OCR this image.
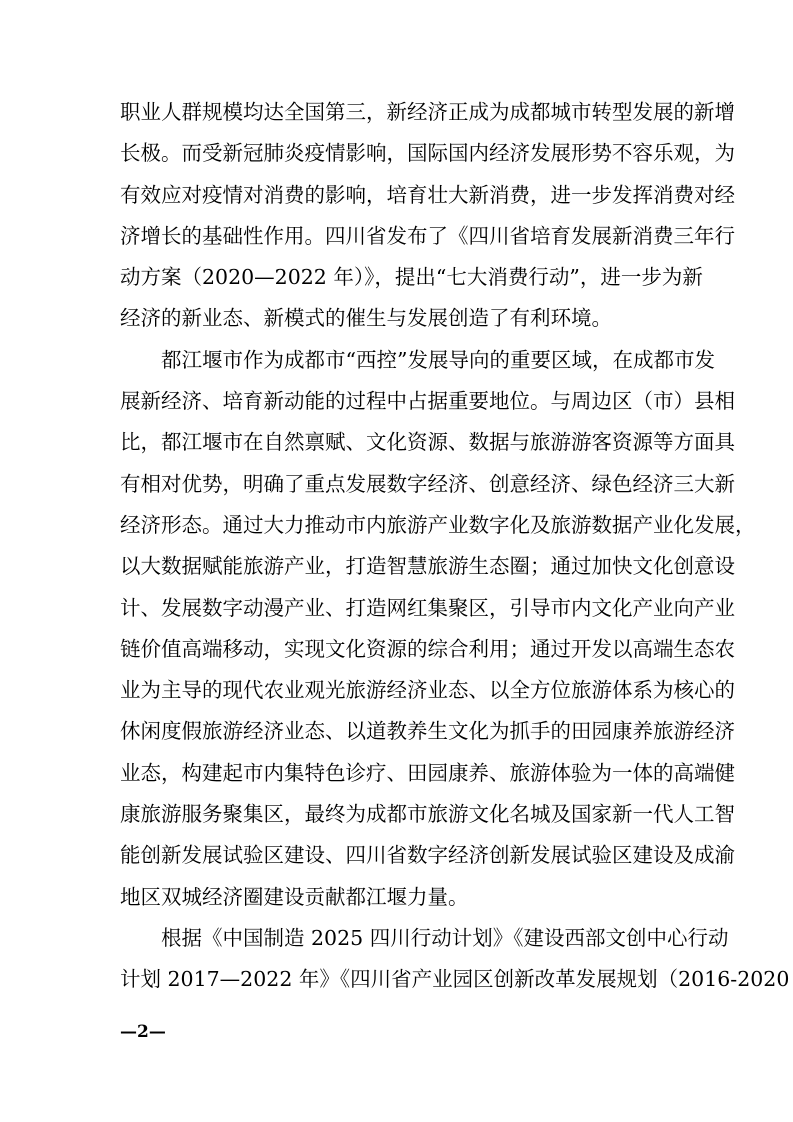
职业人群规模均达全国第三，新经济正成为成都城市转型发展的新增
长极。而受新冠肺炎疫情影响，国际国内经济发展形势不容乐观，为
有效应对疫情对消费的影响，培育壮大新消费，进一步发挥消费对经
济增长的基础性作用。四川省发布了《四川省培育发展新消费三年行
动方案（2020—2022 年）》，提出“七大消费行动”，进一步为新
经济的新业态、新模式的催生与发展创造了有利环境。
都江堰市作为成都市“西控”发展导向的重要区域，在成都市发
展新经济、培育新动能的过程中占据重要地位。与周边区（市）县相
比，都江堰市在自然禀赋、文化资源、数据与旅游游客资源等方面具
有相对优势，明确了重点发展数字经济、创意经济、绿色经济三大新
经济形态。通过大力推动市内旅游产业数字化及旅游数据产业化发展，
以大数据赋能旅游产业，打造智慧旅游生态圈；通过加快文化创意设
计、发展数字动漫产业、打造网红集聚区，引导市内文化产业向产业
链价值高端移动，实现文化资源的综合利用；通过开发以高端生态农
业为主导的现代农业观光旅游经济业态、以全方位旅游体系为核心的
休闲度假旅游经济业态、以道教养生文化为抓手的田园康养旅游经济
业态，构建起市内集特色诊疗、田园康养、旅游体验为一体的高端健
康旅游服务聚集区，最终为成都市旅游文化名城及国家新一代人工智
能创新发展试验区建设、四川省数字经济创新发展试验区建设及成渝
地区双城经济圈建设贡献都江堰力量。
根据《中国制造 2025 四川行动计划》《建设西部文创中心行动
计划 2017—2022 年》《四川省产业园区创新改革发展规划（2016-2020
—2—
